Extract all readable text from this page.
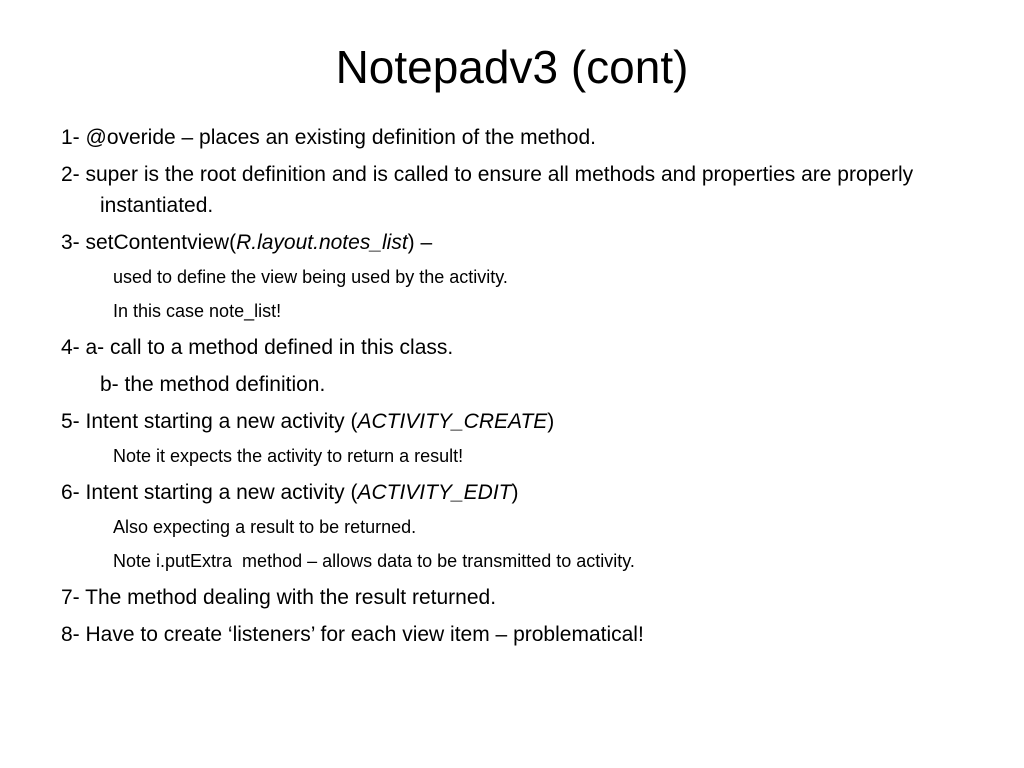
Notepadv3 (cont)

1- @overide – places an existing definition of the method.

2- super is the root definition and is called to ensure all methods and properties are properly instantiated.

3- setContentview(R.layout.notes_list) –

used to define the view being used by the activity.

In this case note_list!

4- a- call to a method defined in this class.

b- the method definition.

5- Intent starting a new activity (ACTIVITY_CREATE)

Note it expects the activity to return a result!

6- Intent starting a new activity (ACTIVITY_EDIT)

Also expecting a result to be returned.

Note i.putExtra  method – allows data to be transmitted to activity.

7- The method dealing with the result returned.

8- Have to create ‘listeners’ for each view item – problematical!
